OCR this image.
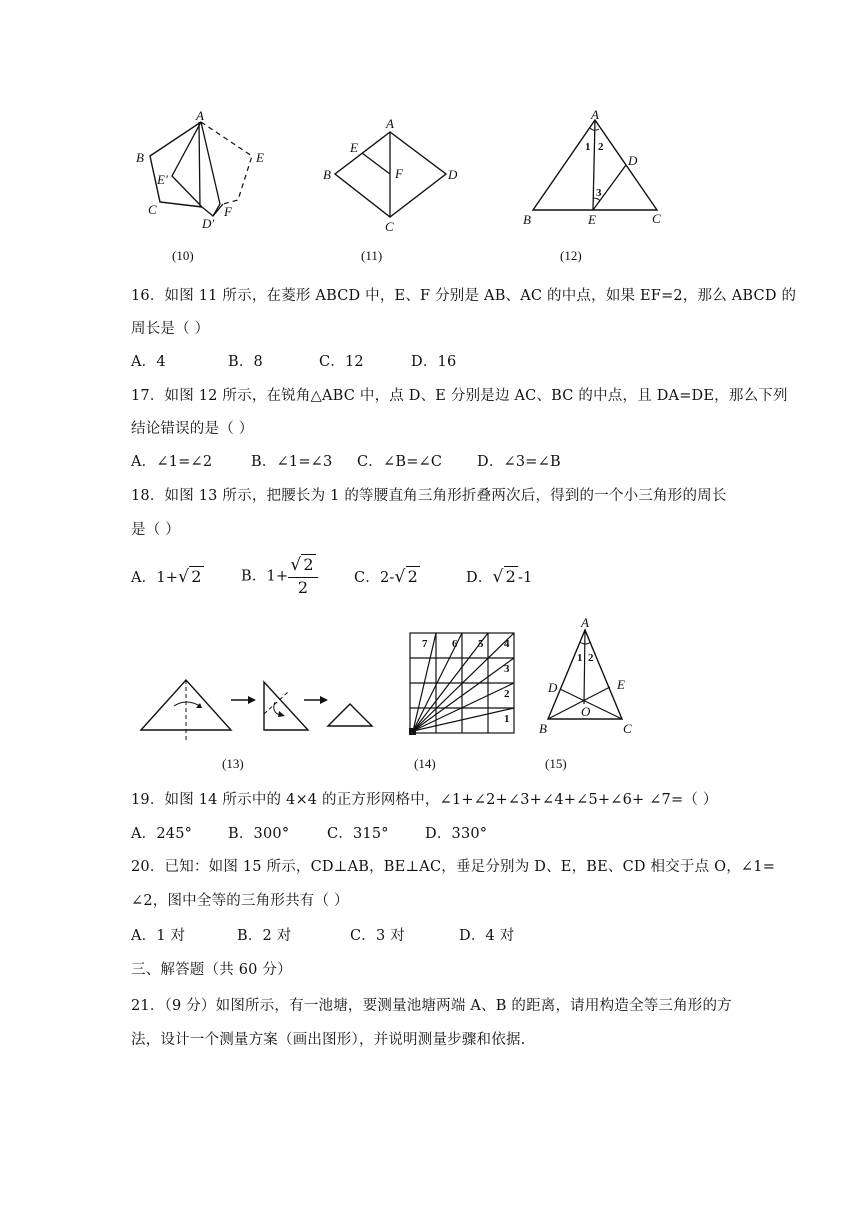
A
B
C
E′
D′
F
E
(10)
A
E
B	F	D
C
(11)
A
1 2
3
D
B	E	C
(12)
16．如图 11 所示，在菱形 ABCD 中，E、F 分别是 AB、AC 的中点，如果 EF=2，那么 ABCD 的
周长是（ ）
A．4	B．8	C．12	D．16
17．如图 12 所示，在锐角△ABC 中，点 D、E 分别是边 AC、BC 的中点，且 DA=DE，那么下列
结论错误的是（ ）
A．∠1=∠2	B．∠1=∠3 C．∠B=∠C D．∠3=∠B
18．如图 13 所示，把腰长为 1 的等腰直角三角形折叠两次后，得到的一个小三角形的周长
是（ ）
A．1+√ 2	B．$1+ \frac{√ 2}{2}$ C．2-√ 2	D．√ 2 -1
(13)
1
2
3
4
5
6
7
(14)
A
1 2
D	E
O
B	C
(15)
19．如图 14 所示中的 4×4 的正方形网格中，∠1+∠2+∠3+∠4+∠5+∠6+ ∠7=（ ）
A．245° B．300°	C．315°	D．330°
20．已知：如图 15 所示，CD⊥AB，BE⊥AC，垂足分别为 D、E，BE、CD 相交于点 O，∠1=
∠2，图中全等的三角形共有（ ）
A．1 对	B．2 对	C．3 对	D．4 对
三、解答题（共 60 分）
21．（9 分）如图所示，有一池塘，要测量池塘两端 A、B 的距离，请用构造全等三角形的方
法，设计一个测量方案（画出图形），并说明测量步骤和依据.
